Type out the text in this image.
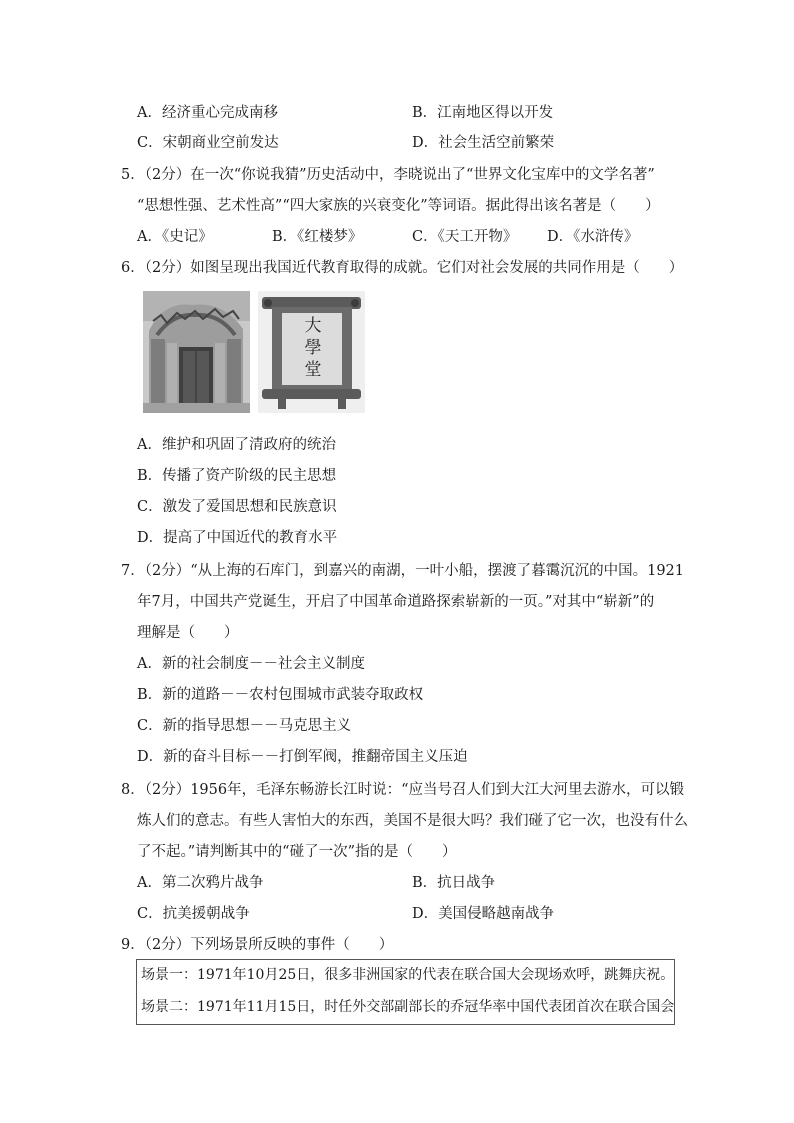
A．经济重心完成南移	B．江南地区得以开发
C．宋朝商业空前发达	D．社会生活空前繁荣
5．（2分）在一次“你说我猜”历史活动中，李晓说出了“世界文化宝库中的文学名著”
“思想性强、艺术性高”“四大家族的兴衰变化”等词语。据此得出该名著是（　　）
A．《史记》	B．《红楼梦》	C．《天工开物》 D．《水浒传》
6．（2分）如图呈现出我国近代教育取得的成就。它们对社会发展的共同作用是（　　）
大學堂
A．维护和巩固了清政府的统治
B．传播了资产阶级的民主思想
C．激发了爱国思想和民族意识
D．提高了中国近代的教育水平
7．（2分）“从上海的石库门，到嘉兴的南湖，一叶小船，摆渡了暮霭沉沉的中国。1921
年7月，中国共产党诞生，开启了中国革命道路探索崭新的一页。”对其中“崭新”的
理解是（　　）
A．新的社会制度－－社会主义制度
B．新的道路－－农村包围城市武装夺取政权
C．新的指导思想－－马克思主义
D．新的奋斗目标－－打倒军阀，推翻帝国主义压迫
8．（2分）1956年，毛泽东畅游长江时说：“应当号召人们到大江大河里去游水，可以锻
炼人们的意志。有些人害怕大的东西，美国不是很大吗？我们碰了它一次，也没有什么
了不起。”请判断其中的“碰了一次”指的是（　　）
A．第二次鸦片战争	B．抗日战争
C．抗美援朝战争	D．美国侵略越南战争
9．（2分）下列场景所反映的事件（　　）
场景一：1971年10月25日，很多非洲国家的代表在联合国大会现场欢呼，跳舞庆祝。
场景二：1971年11月15日，时任外交部副部长的乔冠华率中国代表团首次在联合国会
